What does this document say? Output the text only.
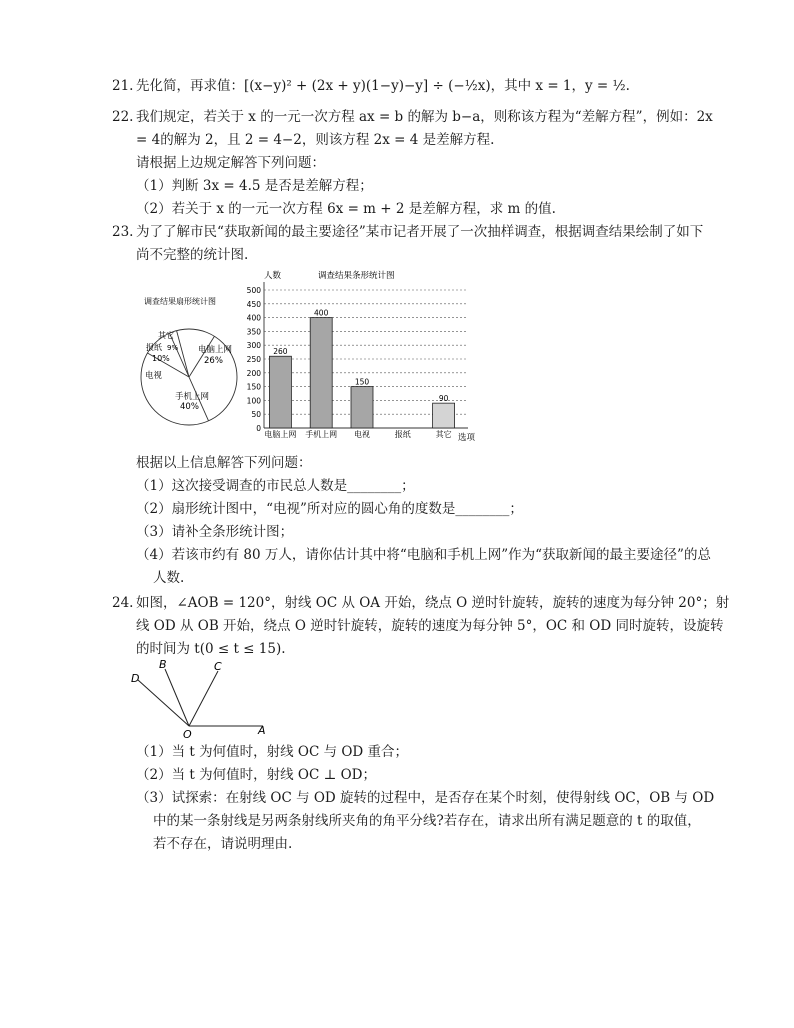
21. 先化简，再求值：[(x−y)² + (2x + y)(1−y)−y] ÷ (−½x)，其中 x = 1，y = ½.
22. 我们规定，若关于 x 的一元一次方程 ax = b 的解为 b−a，则称该方程为“差解方程”，例如：2x
= 4的解为 2，且 2 = 4−2，则该方程 2x = 4 是差解方程.
请根据上边规定解答下列问题：
（1）判断 3x = 4.5 是否是差解方程；
（2）若关于 x 的一元一次方程 6x = m + 2 是差解方程，求 m 的值.
23. 为了了解市民“获取新闻的最主要途径”某市记者开展了一次抽样调查，根据调查结果绘制了如下
尚不完整的统计图.
调查结果扇形统计图
其它
报纸 9%
10%
电脑上网
26%
电视
手机上网
40%
人数	调查结果条形统计图
选项
0
50
100
150
200
250
300
350
400
450
500
260
400
150
90
电脑上网 手机上网 电视	报纸	其它
根据以上信息解答下列问题：
（1）这次接受调查的市民总人数是________；
（2）扇形统计图中，“电视”所对应的圆心角的度数是________；
（3）请补全条形统计图；
（4）若该市约有 80 万人，请你估计其中将“电脑和手机上网”作为“获取新闻的最主要途径”的总
人数.
24. 如图，∠AOB = 120°，射线 OC 从 OA 开始，绕点 O 逆时针旋转，旋转的速度为每分钟 20°；射
线 OD 从 OB 开始，绕点 O 逆时针旋转，旋转的速度为每分钟 5°，OC 和 OD 同时旋转，设旋转
的时间为 t(0 ≤ t ≤ 15).
B	C
D
O	A
（1）当 t 为何值时，射线 OC 与 OD 重合；
（2）当 t 为何值时，射线 OC ⊥ OD；
（3）试探索：在射线 OC 与 OD 旋转的过程中，是否存在某个时刻，使得射线 OC，OB 与 OD
中的某一条射线是另两条射线所夹角的角平分线?若存在，请求出所有满足题意的 t 的取值，
若不存在，请说明理由.
